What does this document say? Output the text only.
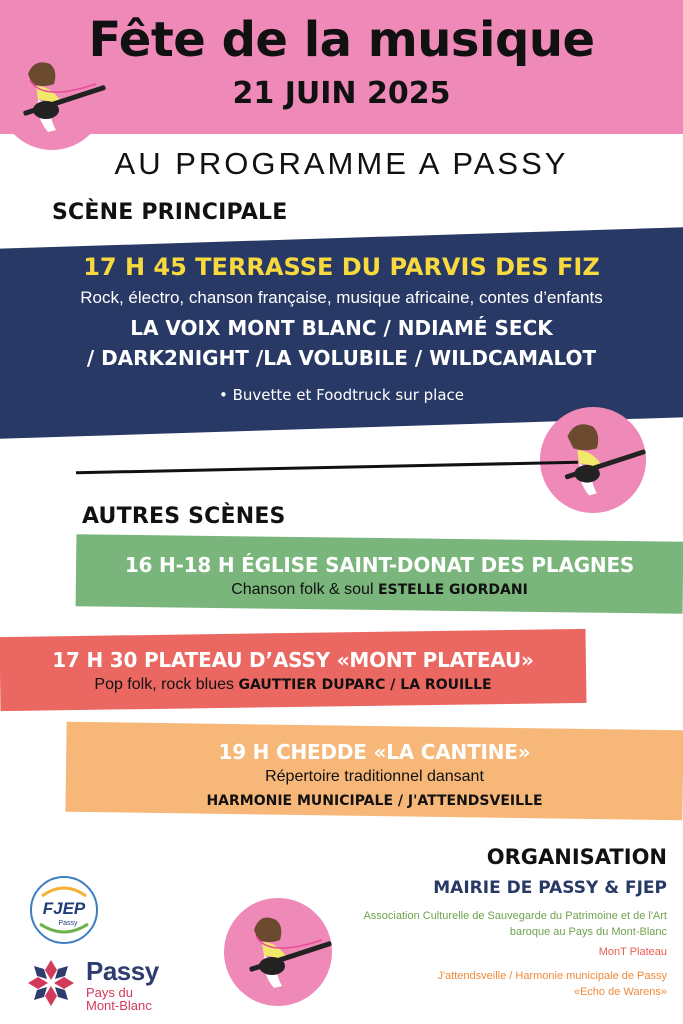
Fête de la musique
21 JUIN 2025
AU PROGRAMME A PASSY
SCÈNE PRINCIPALE
17 H 45 TERRASSE DU PARVIS DES FIZ
Rock, électro, chanson française, musique africaine, contes d’enfants
LA VOIX MONT BLANC / NDIAMÉ SECK
/ DARK2NIGHT /LA VOLUBILE / WILDCAMALOT
• Buvette et Foodtruck sur place
AUTRES SCÈNES
16 H-18 H ÉGLISE SAINT-DONAT DES PLAGNES
Chanson folk & soul ESTELLE GIORDANI
17 H 30 PLATEAU D’ASSY «MONT PLATEAU»
Pop folk, rock blues GAUTTIER DUPARC / LA ROUILLE
19 H CHEDDE «LA CANTINE»
Répertoire traditionnel dansant
HARMONIE MUNICIPALE / J'ATTENDSVEILLE
ORGANISATION
MAIRIE DE PASSY & FJEP
Association Culturelle de Sauvegarde du Patrimoine et de l'Art baroque au Pays du Mont-Blanc
MonT Plateau
J'attendsveille / Harmonie municipale de Passy «Echo de Warens»
FJEP
Passy
Passy
Pays du
Mont-Blanc
